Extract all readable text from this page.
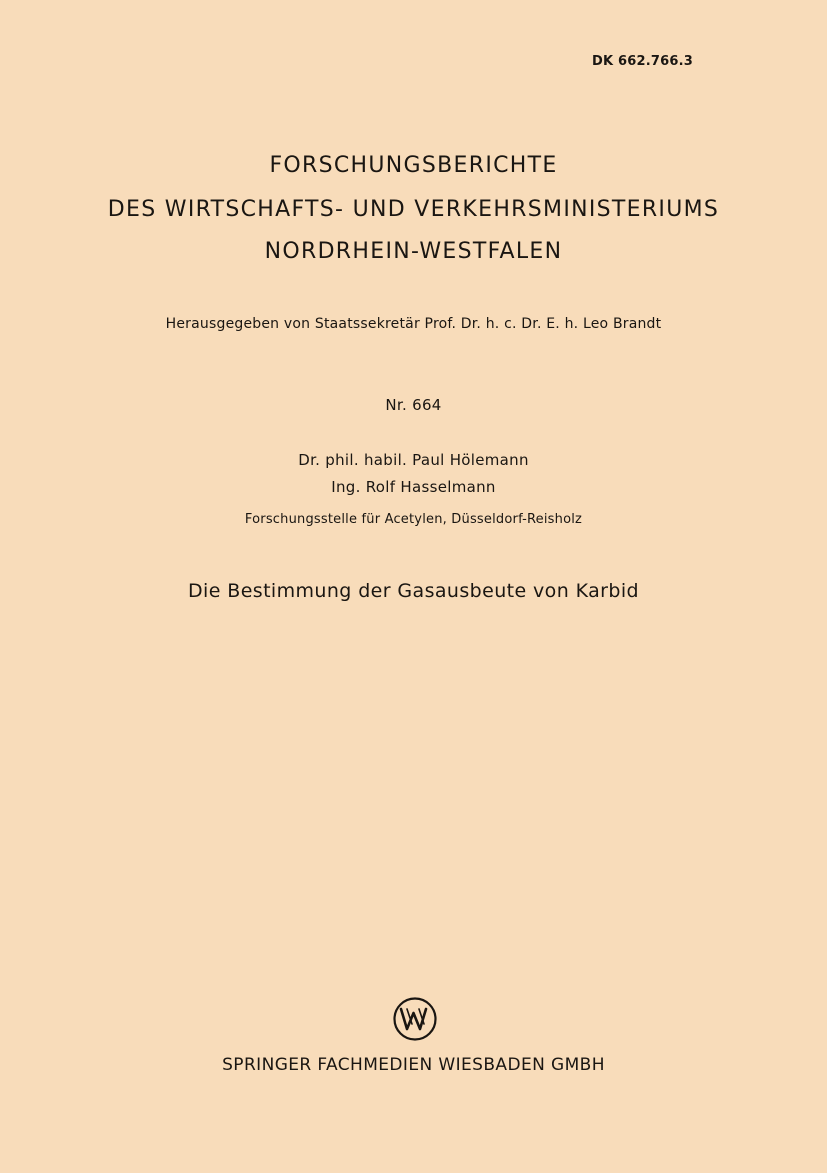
DK 662.766.3
FORSCHUNGSBERICHTE
DES WIRTSCHAFTS- UND VERKEHRSMINISTERIUMS
NORDRHEIN-WESTFALEN
Herausgegeben von Staatssekretär Prof. Dr. h. c. Dr. E. h. Leo Brandt
Nr. 664
Dr. phil. habil. Paul Hölemann
Ing. Rolf Hasselmann
Forschungsstelle für Acetylen, Düsseldorf-Reisholz
Die Bestimmung der Gasausbeute von Karbid
SPRINGER FACHMEDIEN WIESBADEN GMBH
